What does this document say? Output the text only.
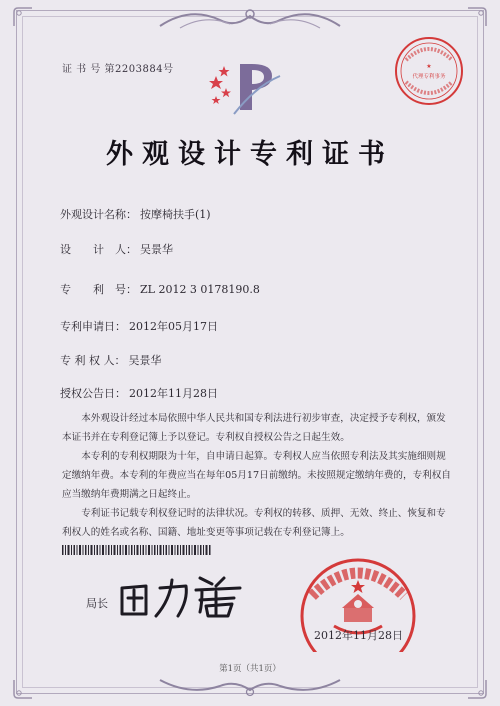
证 书 号 第2203884号	★
代理专利事务
外观设计专利证书
外观设计名称： 按摩椅扶手(1)
设　　计　人： 吴景华
专　　利　号： ZL 2012 3 0178190.8
专利申请日： 2012年05月17日
专 利 权 人： 吴景华
授权公告日： 2012年11月28日
本外观设计经过本局依照中华人民共和国专利法进行初步审查，决定授予专利权，颁发本证书并在专利登记簿上予以登记。专利权自授权公告之日起生效。
本专利的专利权期限为十年，自申请日起算。专利权人应当依照专利法及其实施细则规定缴纳年费。本专利的年费应当在每年05月17日前缴纳。未按照规定缴纳年费的，专利权自应当缴纳年费期满之日起终止。
专利证书记载专利权登记时的法律状况。专利权的转移、质押、无效、终止、恢复和专利权人的姓名或名称、国籍、地址变更等事项记载在专利登记簿上。
局长
2012年11月28日
第1页（共1页）
